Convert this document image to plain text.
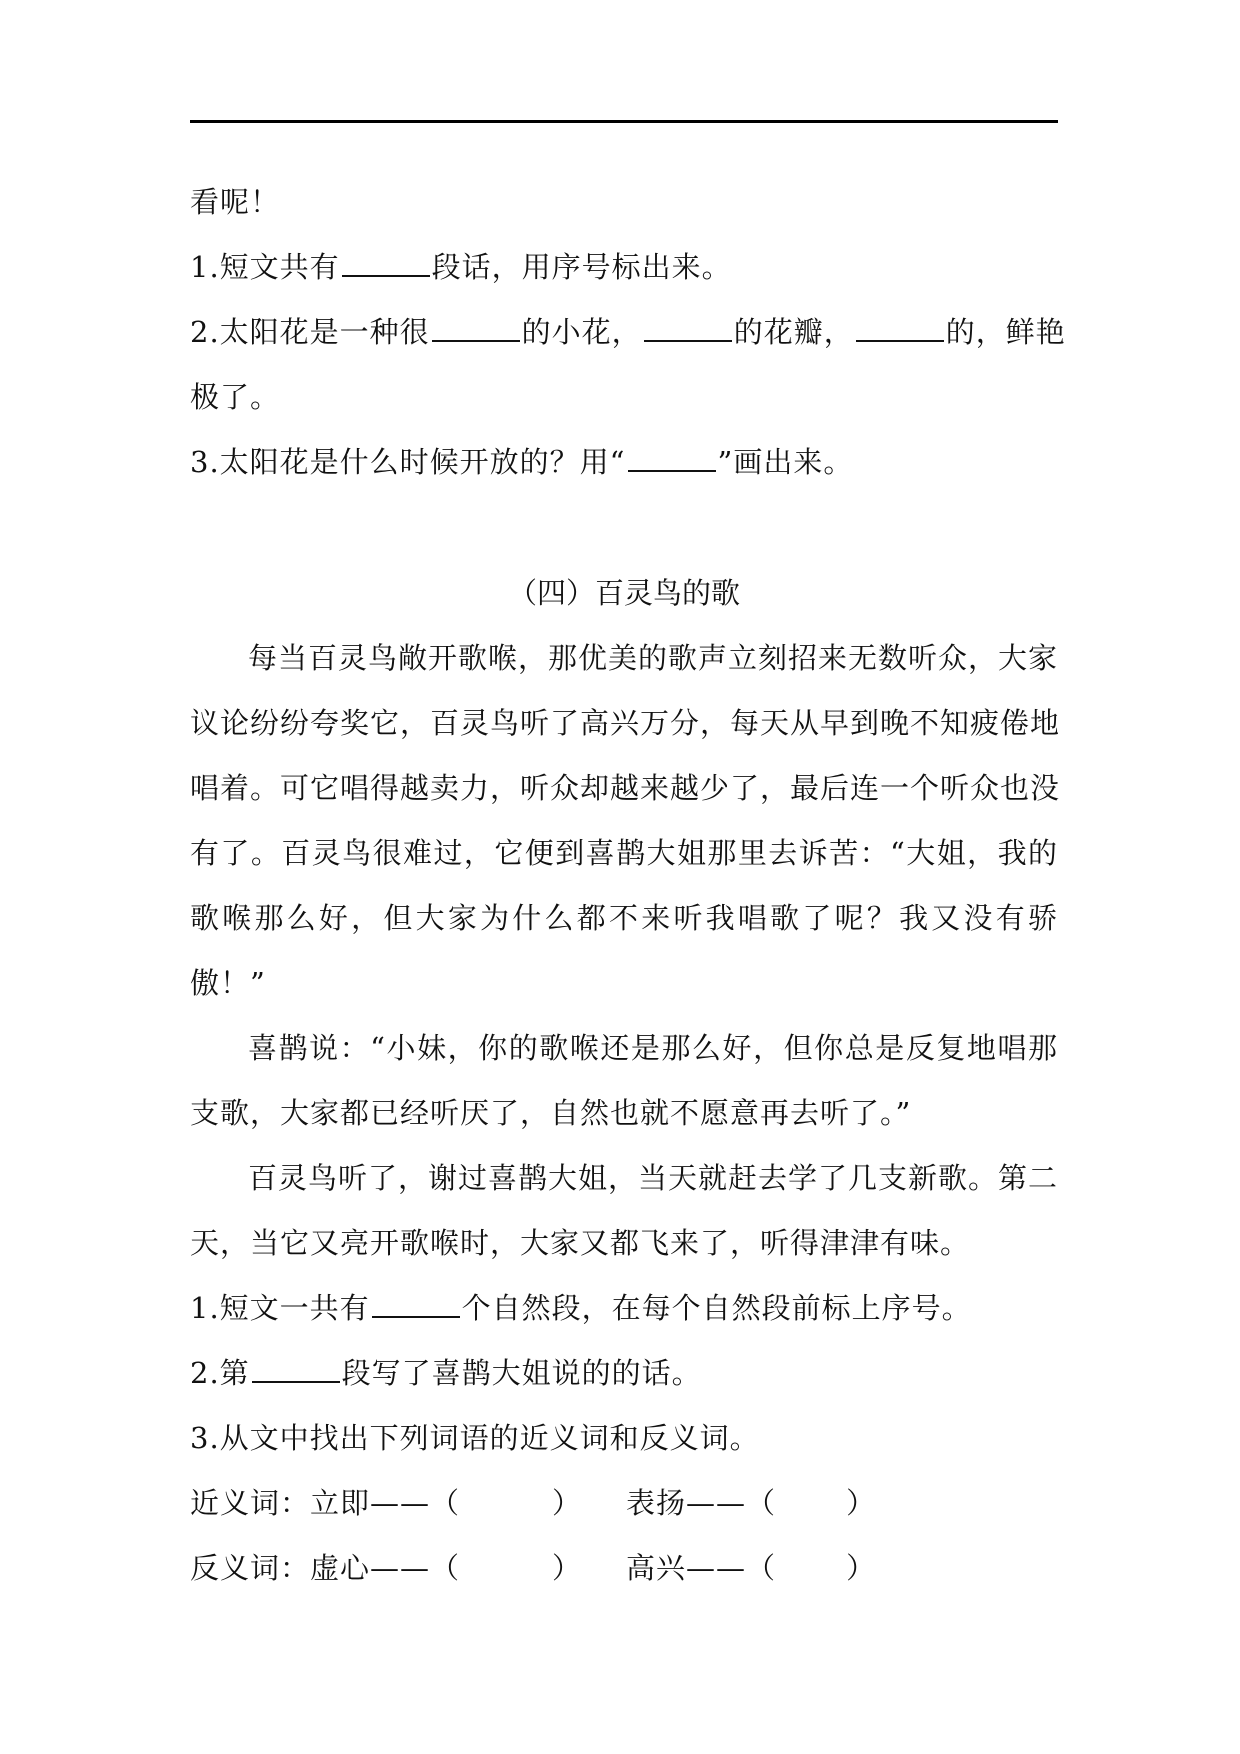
看呢！
1.短文共有	段话，用序号标出来。
2.太阳花是一种很	的小花，	的花瓣，	的，鲜艳
极了。
3.太阳花是什么时候开放的？用“	”画出来。
（四）百灵鸟的歌
每当百灵鸟敞开歌喉，那优美的歌声立刻招来无数听众，大家
议论纷纷夸奖它，百灵鸟听了高兴万分，每天从早到晚不知疲倦地
唱着。可它唱得越卖力，听众却越来越少了，最后连一个听众也没
有了。百灵鸟很难过，它便到喜鹊大姐那里去诉苦：“大姐，我的
歌喉那么好，但大家为什么都不来听我唱歌了呢？我又没有骄
傲！”
喜鹊说：“小妹，你的歌喉还是那么好，但你总是反复地唱那
支歌，大家都已经听厌了，自然也就不愿意再去听了。”
百灵鸟听了，谢过喜鹊大姐，当天就赶去学了几支新歌。第二
天，当它又亮开歌喉时，大家又都飞来了，听得津津有味。
1.短文一共有	个自然段，在每个自然段前标上序号。
2.第	段写了喜鹊大姐说的的话。
3.从文中找出下列词语的近义词和反义词。
近义词：立即——（	） 表扬——（ ）
反义词：虚心——（	） 高兴——（ ）
